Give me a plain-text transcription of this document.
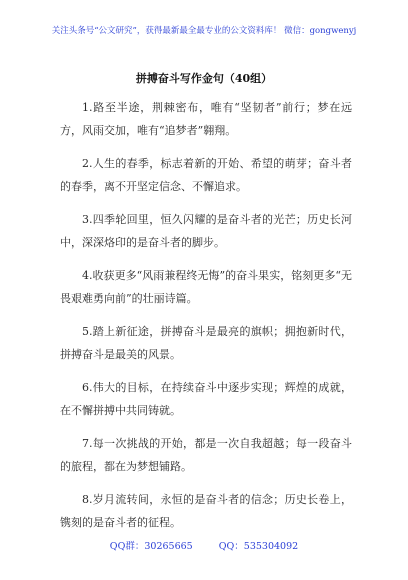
关注头条号“公文研究”，获得最新最全最专业的公文资料库！ 微信：gongwenyj
拼搏奋斗写作金句（40组）

1.路至半途，荆棘密布，唯有“坚韧者”前行；梦在远方，风雨交加，唯有“追梦者”翱翔。

2.人生的春季，标志着新的开始、希望的萌芽；奋斗者的春季，离不开坚定信念、不懈追求。

3.四季轮回里，恒久闪耀的是奋斗者的光芒；历史长河中，深深烙印的是奋斗者的脚步。

4.收获更多“风雨兼程终无悔”的奋斗果实，铭刻更多“无畏艰难勇向前”的壮丽诗篇。

5.踏上新征途，拼搏奋斗是最亮的旗帜；拥抱新时代，拼搏奋斗是最美的风景。

6.伟大的目标，在持续奋斗中逐步实现；辉煌的成就，在不懈拼搏中共同铸就。

7.每一次挑战的开始，都是一次自我超越；每一段奋斗的旅程，都在为梦想铺路。

8.岁月流转间，永恒的是奋斗者的信念；历史长卷上，镌刻的是奋斗者的征程。

QQ群：30265665	QQ：535304092
